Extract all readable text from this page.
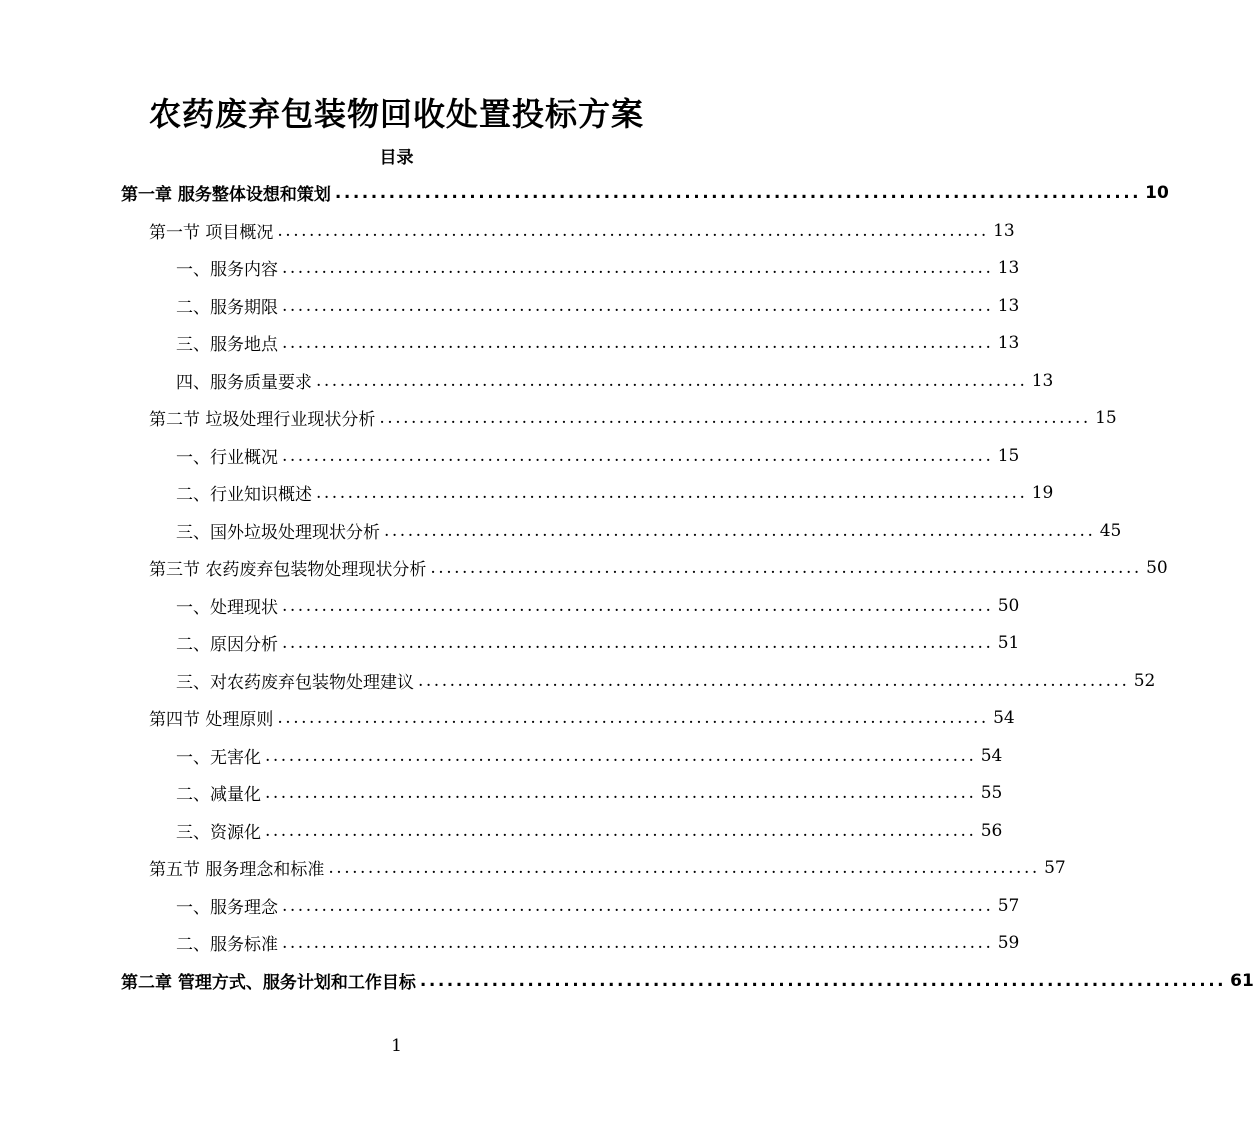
农药废弃包装物回收处置投标方案
目录
第一章 服务整体设想和策划 .......................................................................................... 10
第一节 项目概况 .......................................................................................... 13
一、服务内容 .......................................................................................... 13
二、服务期限 .......................................................................................... 13
三、服务地点 .......................................................................................... 13
四、服务质量要求 .......................................................................................... 13
第二节 垃圾处理行业现状分析 .......................................................................................... 15
一、行业概况 .......................................................................................... 15
二、行业知识概述 .......................................................................................... 19
三、国外垃圾处理现状分析 .......................................................................................... 45
第三节 农药废弃包装物处理现状分析 .......................................................................................... 50
一、处理现状 .......................................................................................... 50
二、原因分析 .......................................................................................... 51
三、对农药废弃包装物处理建议 .......................................................................................... 52
第四节 处理原则 .......................................................................................... 54
一、无害化 .......................................................................................... 54
二、减量化 .......................................................................................... 55
三、资源化 .......................................................................................... 56
第五节 服务理念和标准 .......................................................................................... 57
一、服务理念 .......................................................................................... 57
二、服务标准 .......................................................................................... 59
第二章 管理方式、服务计划和工作目标 .......................................................................................... 61
1
